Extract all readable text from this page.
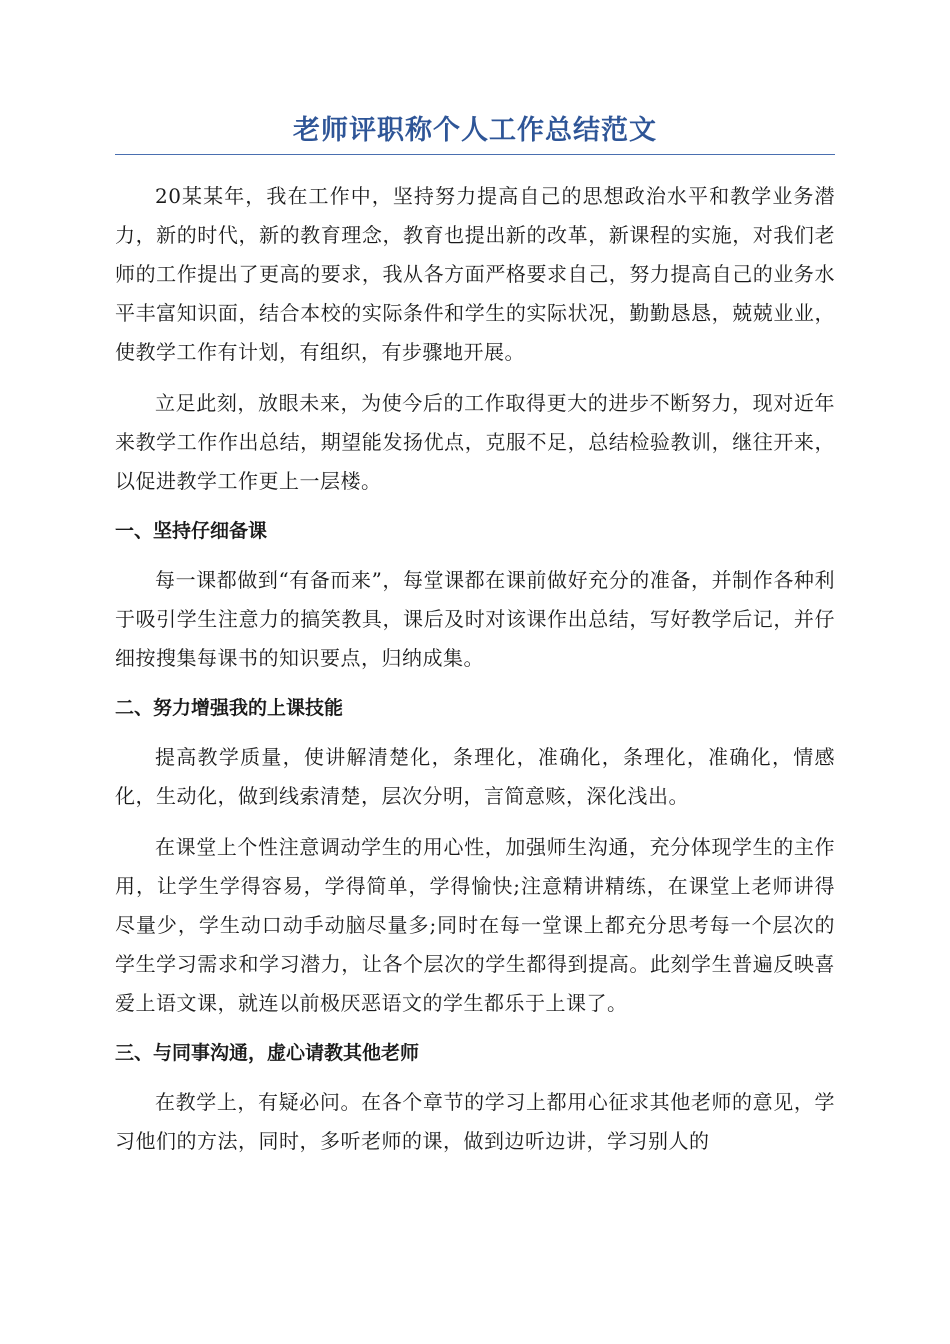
老师评职称个人工作总结范文

20某某年，我在工作中，坚持努力提高自己的思想政治水平和教学业务潜力，新的时代，新的教育理念，教育也提出新的改革，新课程的实施，对我们老师的工作提出了更高的要求，我从各方面严格要求自己，努力提高自己的业务水平丰富知识面，结合本校的实际条件和学生的实际状况，勤勤恳恳，兢兢业业，使教学工作有计划，有组织，有步骤地开展。

立足此刻，放眼未来，为使今后的工作取得更大的进步不断努力，现对近年来教学工作作出总结，期望能发扬优点，克服不足，总结检验教训，继往开来，以促进教学工作更上一层楼。

一、坚持仔细备课

每一课都做到“有备而来”，每堂课都在课前做好充分的准备，并制作各种利于吸引学生注意力的搞笑教具，课后及时对该课作出总结，写好教学后记，并仔细按搜集每课书的知识要点，归纳成集。

二、努力增强我的上课技能

提高教学质量，使讲解清楚化，条理化，准确化，条理化，准确化，情感化，生动化，做到线索清楚，层次分明，言简意赅，深化浅出。

在课堂上个性注意调动学生的用心性，加强师生沟通，充分体现学生的主作用，让学生学得容易，学得简单，学得愉快;注意精讲精练，在课堂上老师讲得尽量少，学生动口动手动脑尽量多;同时在每一堂课上都充分思考每一个层次的学生学习需求和学习潜力，让各个层次的学生都得到提高。此刻学生普遍反映喜爱上语文课，就连以前极厌恶语文的学生都乐于上课了。

三、与同事沟通，虚心请教其他老师

在教学上，有疑必问。在各个章节的学习上都用心征求其他老师的意见，学习他们的方法，同时，多听老师的课，做到边听边讲，学习别人的
